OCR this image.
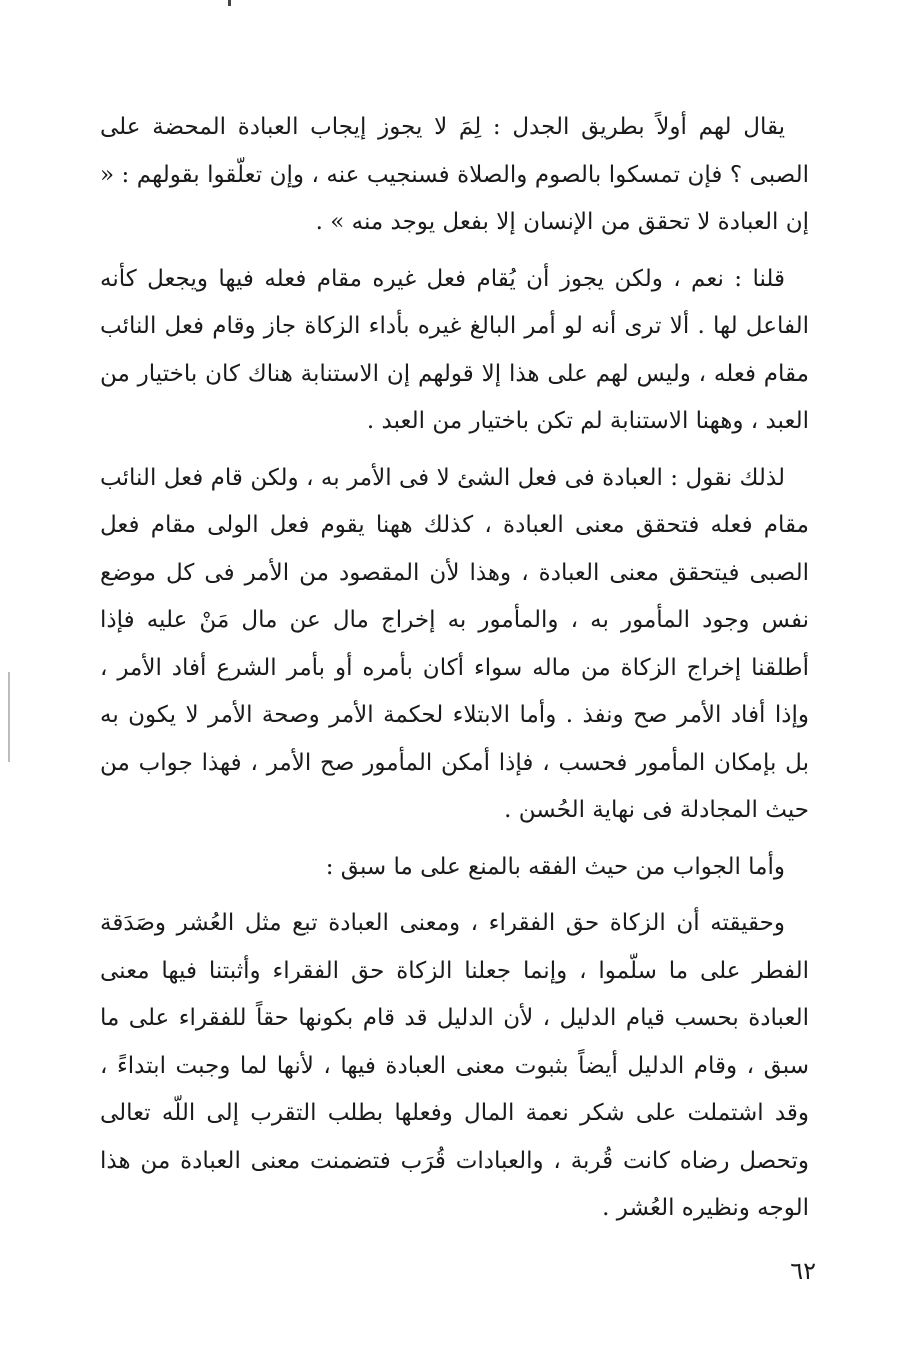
يقال لهم أولاً بطريق الجدل : لِمَ لا يجوز إيجاب العبادة المحضة على الصبى ؟ فإن تمسكوا بالصوم والصلاة فسنجيب عنه ، وإن تعلّقوا بقولهم : « إن العبادة لا تحقق من الإنسان إلا بفعل يوجد منه » .

قلنا : نعم ، ولكن يجوز أن يُقام فعل غيره مقام فعله فيها ويجعل كأنه الفاعل لها . ألا ترى أنه لو أمر البالغ غيره بأداء الزكاة جاز وقام فعل النائب مقام فعله ، وليس لهم على هذا إلا قولهم إن الاستنابة هناك كان باختيار من العبد ، وههنا الاستنابة لم تكن باختيار من العبد .

لذلك نقول : العبادة فى فعل الشئ لا فى الأمر به ، ولكن قام فعل النائب مقام فعله فتحقق معنى العبادة ، كذلك ههنا يقوم فعل الولى مقام فعل الصبى فيتحقق معنى العبادة ، وهذا لأن المقصود من الأمر فى كل موضع نفس وجود المأمور به ، والمأمور به إخراج مال عن مال مَنْ عليه فإذا أطلقنا إخراج الزكاة من ماله سواء أكان بأمره أو بأمر الشرع أفاد الأمر ، وإذا أفاد الأمر صح ونفذ . وأما الابتلاء لحكمة الأمر وصحة الأمر لا يكون به بل بإمكان المأمور فحسب ، فإذا أمكن المأمور صح الأمر ، فهذا جواب من حيث المجادلة فى نهاية الحُسن .

وأما الجواب من حيث الفقه بالمنع على ما سبق :

وحقيقته أن الزكاة حق الفقراء ، ومعنى العبادة تبع مثل العُشر وصَدَقة الفطر على ما سلّموا ، وإنما جعلنا الزكاة حق الفقراء وأثبتنا فيها معنى العبادة بحسب قيام الدليل ، لأن الدليل قد قام بكونها حقاً للفقراء على ما سبق ، وقام الدليل أيضاً بثبوت معنى العبادة فيها ، لأنها لما وجبت ابتداءً ، وقد اشتملت على شكر نعمة المال وفعلها بطلب التقرب إلى اللّه تعالى وتحصل رضاه كانت قُربة ، والعبادات قُرَب فتضمنت معنى العبادة من هذا الوجه ونظيره العُشر .

٦٢
